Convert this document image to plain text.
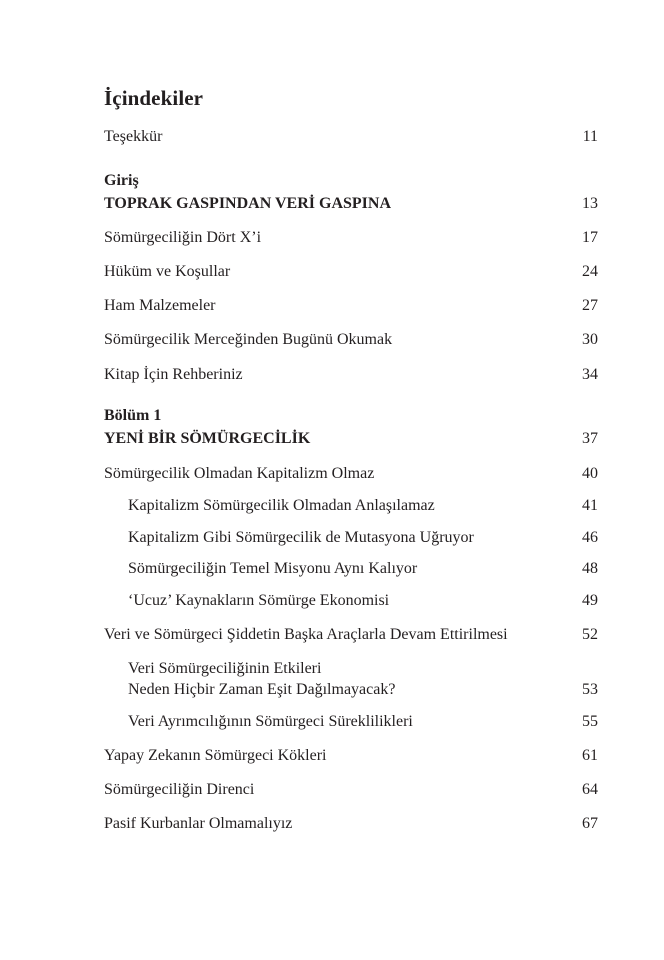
İçindekiler
Teşekkür	11
Giriş
TOPRAK GASPINDAN VERİ GASPINA	13
Sömürgeciliğin Dört X’i	17
Hüküm ve Koşullar	24
Ham Malzemeler	27
Sömürgecilik Merceğinden Bugünü Okumak	30
Kitap İçin Rehberiniz	34
Bölüm 1
YENİ BİR SÖMÜRGECİLİK	37
Sömürgecilik Olmadan Kapitalizm Olmaz	40
Kapitalizm Sömürgecilik Olmadan Anlaşılamaz	41
Kapitalizm Gibi Sömürgecilik de Mutasyona Uğruyor	46
Sömürgeciliğin Temel Misyonu Aynı Kalıyor	48
‘Ucuz’ Kaynakların Sömürge Ekonomisi	49
Veri ve Sömürgeci Şiddetin Başka Araçlarla Devam Ettirilmesi	52
Veri Sömürgeciliğinin Etkileri
Neden Hiçbir Zaman Eşit Dağılmayacak?	53
Veri Ayrımcılığının Sömürgeci Süreklilikleri	55
Yapay Zekanın Sömürgeci Kökleri	61
Sömürgeciliğin Direnci	64
Pasif Kurbanlar Olmamalıyız	67
